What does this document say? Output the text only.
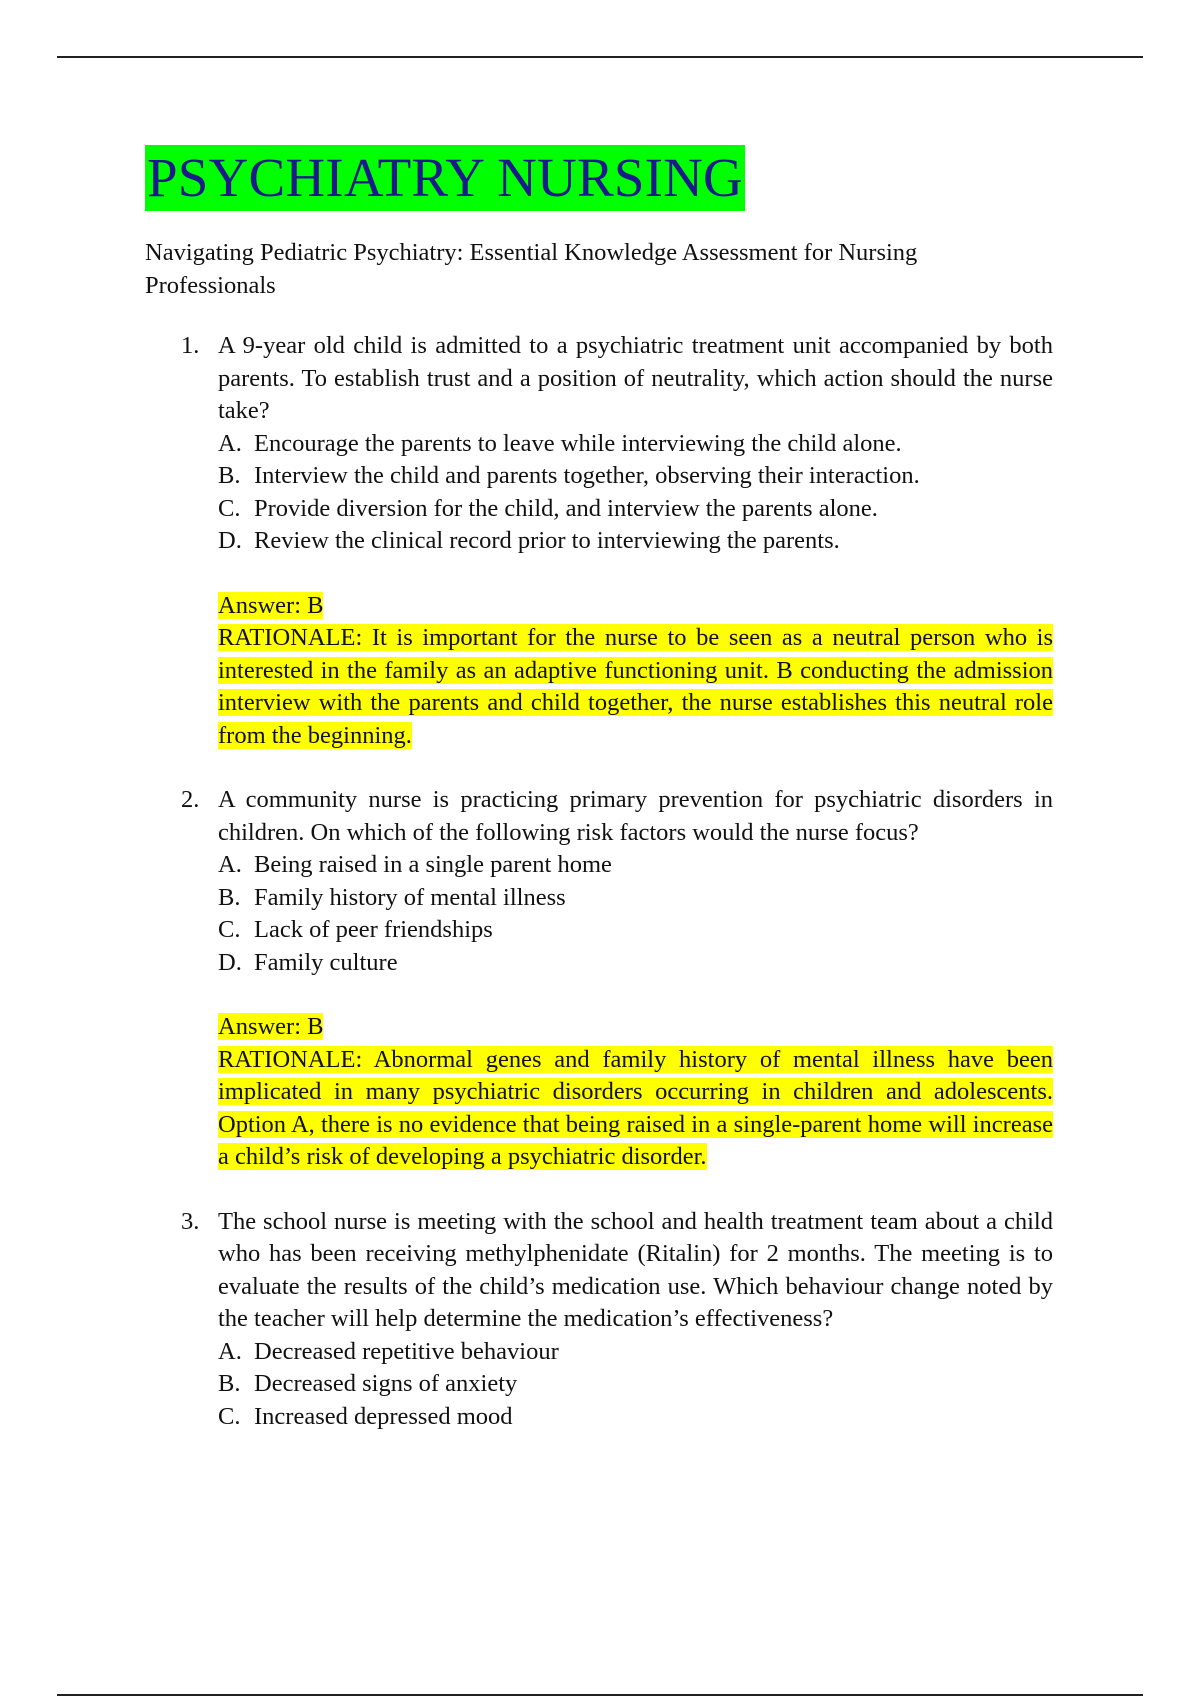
PSYCHIATRY NURSING
Navigating Pediatric Psychiatry: Essential Knowledge Assessment for Nursing Professionals
1. A 9-year old child is admitted to a psychiatric treatment unit accompanied by both parents. To establish trust and a position of neutrality, which action should the nurse take?
A. Encourage the parents to leave while interviewing the child alone.
B. Interview the child and parents together, observing their interaction.
C. Provide diversion for the child, and interview the parents alone.
D. Review the clinical record prior to interviewing the parents.
Answer: B
RATIONALE: It is important for the nurse to be seen as a neutral person who is interested in the family as an adaptive functioning unit. B conducting the admission interview with the parents and child together, the nurse establishes this neutral role from the beginning.
2. A community nurse is practicing primary prevention for psychiatric disorders in children. On which of the following risk factors would the nurse focus?
A. Being raised in a single parent home
B. Family history of mental illness
C. Lack of peer friendships
D. Family culture
Answer: B
RATIONALE: Abnormal genes and family history of mental illness have been implicated in many psychiatric disorders occurring in children and adolescents. Option A, there is no evidence that being raised in a single-parent home will increase a child’s risk of developing a psychiatric disorder.
3. The school nurse is meeting with the school and health treatment team about a child who has been receiving methylphenidate (Ritalin) for 2 months. The meeting is to evaluate the results of the child’s medication use. Which behaviour change noted by the teacher will help determine the medication’s effectiveness?
A. Decreased repetitive behaviour
B. Decreased signs of anxiety
C. Increased depressed mood
